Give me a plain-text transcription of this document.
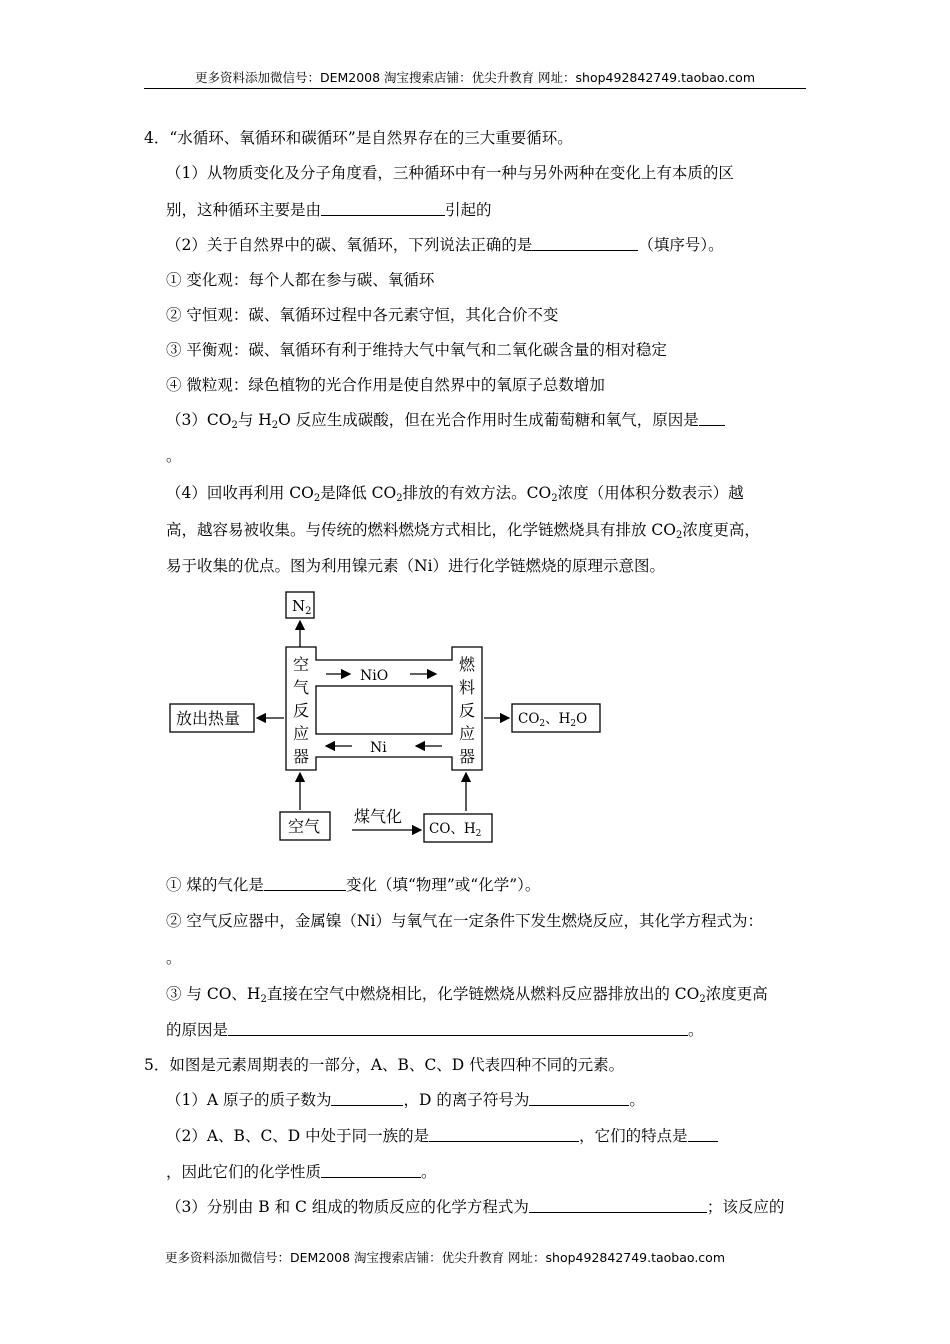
更多资料添加微信号：DEM2008 淘宝搜索店铺：优尖升教育 网址：shop492842749.taobao.com
4．“水循环、氧循环和碳循环”是自然界存在的三大重要循环。
（1）从物质变化及分子角度看，三种循环中有一种与另外两种在变化上有本质的区
别，这种循环主要是由	引起的
（2）关于自然界中的碳、氧循环，下列说法正确的是	（填序号）。
① 变化观：每个人都在参与碳、氧循环
② 守恒观：碳、氧循环过程中各元素守恒，其化合价不变
③ 平衡观：碳、氧循环有利于维持大气中氧气和二氧化碳含量的相对稳定
④ 微粒观：绿色植物的光合作用是使自然界中的氧原子总数增加
$(3)CO_2$与 $H_2O$ 反应生成碳酸，但在光合作用时生成葡萄糖和氧气，原因是
。
（4）回收再利用 $CO_2$是降低 $CO_2$排放的有效方法。$CO_2$浓度（用体积分数表示）越
高，越容易被收集。与传统的燃料燃烧方式相比，化学链燃烧具有排放 $CO_2$浓度更高，
易于收集的优点。图为利用镍元素（Ni）进行化学链燃烧的原理示意图。
$N_2$
空
气
反
应
器
燃
料
反
应
器
NiO
Ni
放出热量	$CO_2$、$H_2O$
空气
煤气化
CO、$H_2$
① 煤的气化是	变化（填“物理”或“化学”）。
② 空气反应器中，金属镍（Ni）与氧气在一定条件下发生燃烧反应，其化学方程式为：
。
③ 与 CO、$H_2$直接在空气中燃烧相比，化学链燃烧从燃料反应器排放出的 $CO_2$浓度更高
的原因是	。
5．如图是元素周期表的一部分，A、B、C、D 代表四种不同的元素。
（1）A 原子的质子数为	，D 的离子符号为	。
（2）A、B、C、D 中处于同一族的是	，它们的特点是
，因此它们的化学性质	。
（3）分别由 B 和 C 组成的物质反应的化学方程式为	；该反应的
更多资料添加微信号：DEM2008 淘宝搜索店铺：优尖升教育 网址：shop492842749.taobao.com
